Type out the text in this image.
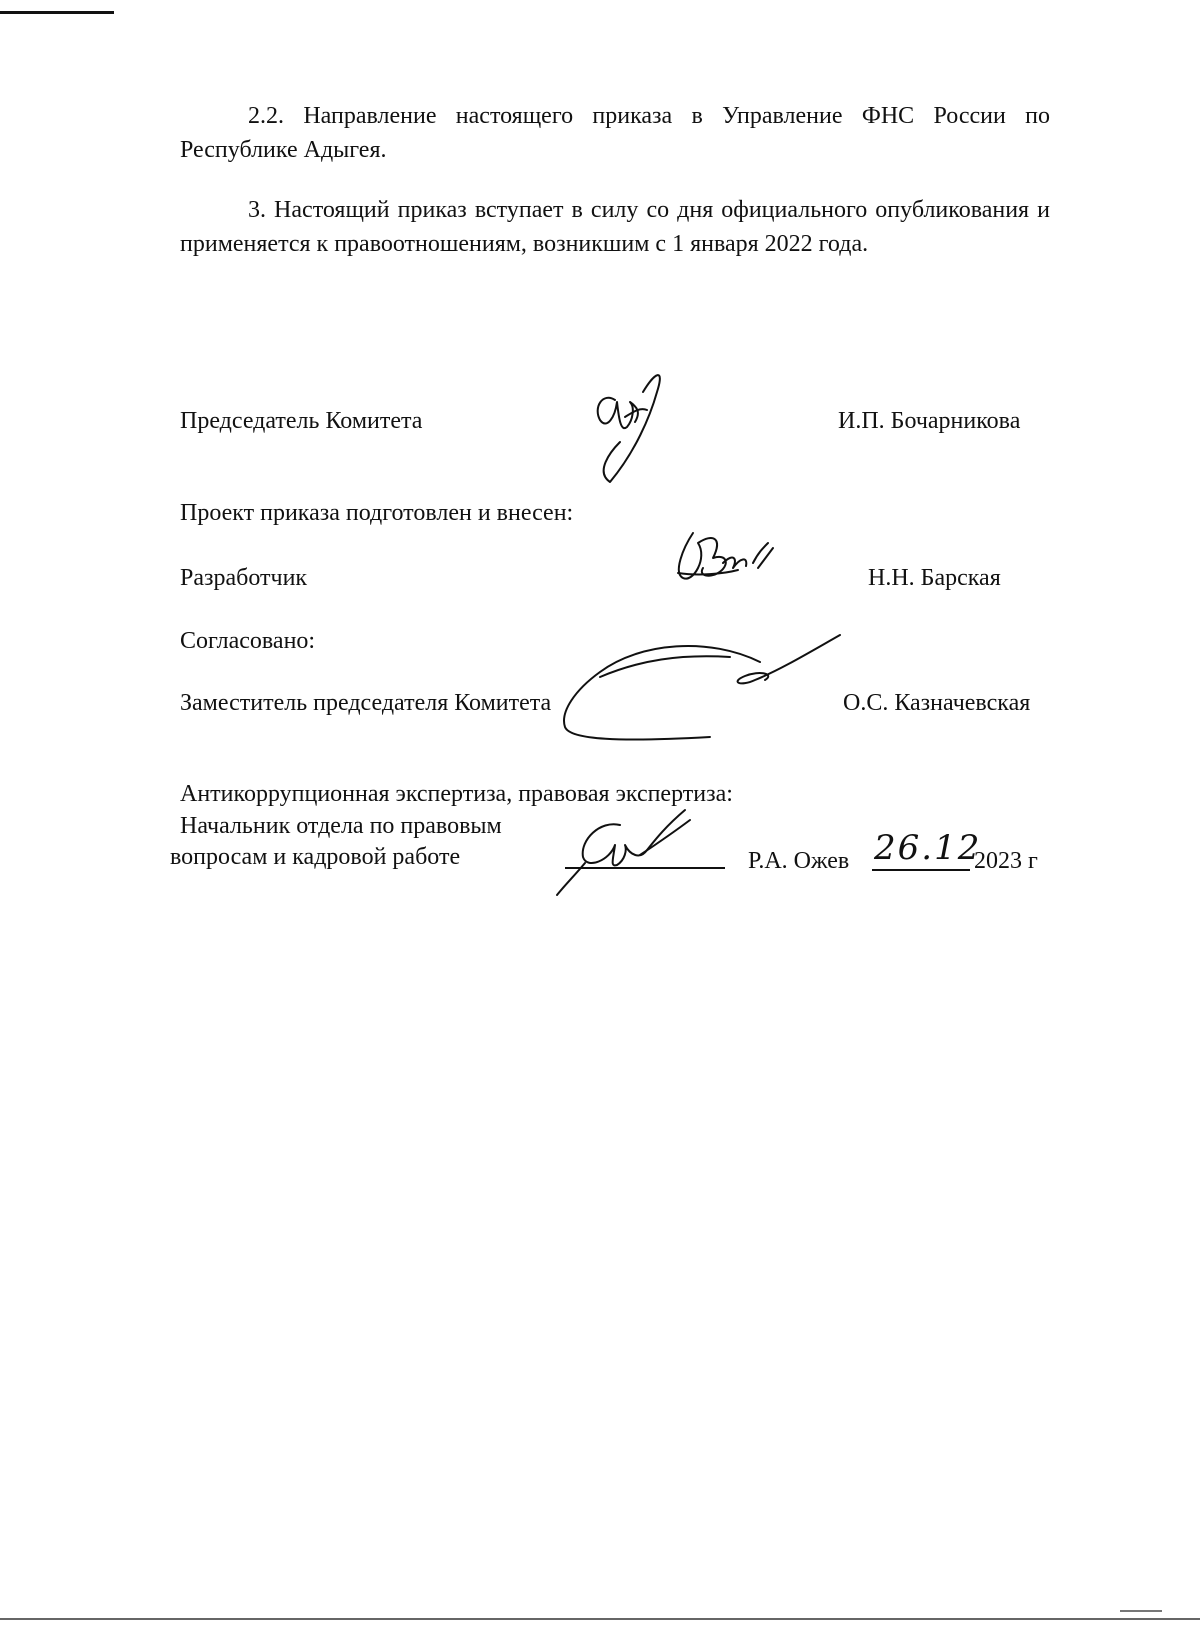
2.2. Направление настоящего приказа в Управление ФНС России по Республике Адыгея.

3. Настоящий приказ вступает в силу со дня официального опубликования и применяется к правоотношениям, возникшим с 1 января 2022 года.

Председатель Комитета	И.П. Бочарникова
Проект приказа подготовлен и внесен:
Разработчик	Н.Н. Барская
Согласовано:
Заместитель председателя Комитета	О.С. Казначевская
Антикоррупционная экспертиза, правовая экспертиза:
Начальник отдела по правовым
вопросам и кадровой работе	Р.А. Ожев 26.12
2023 г
